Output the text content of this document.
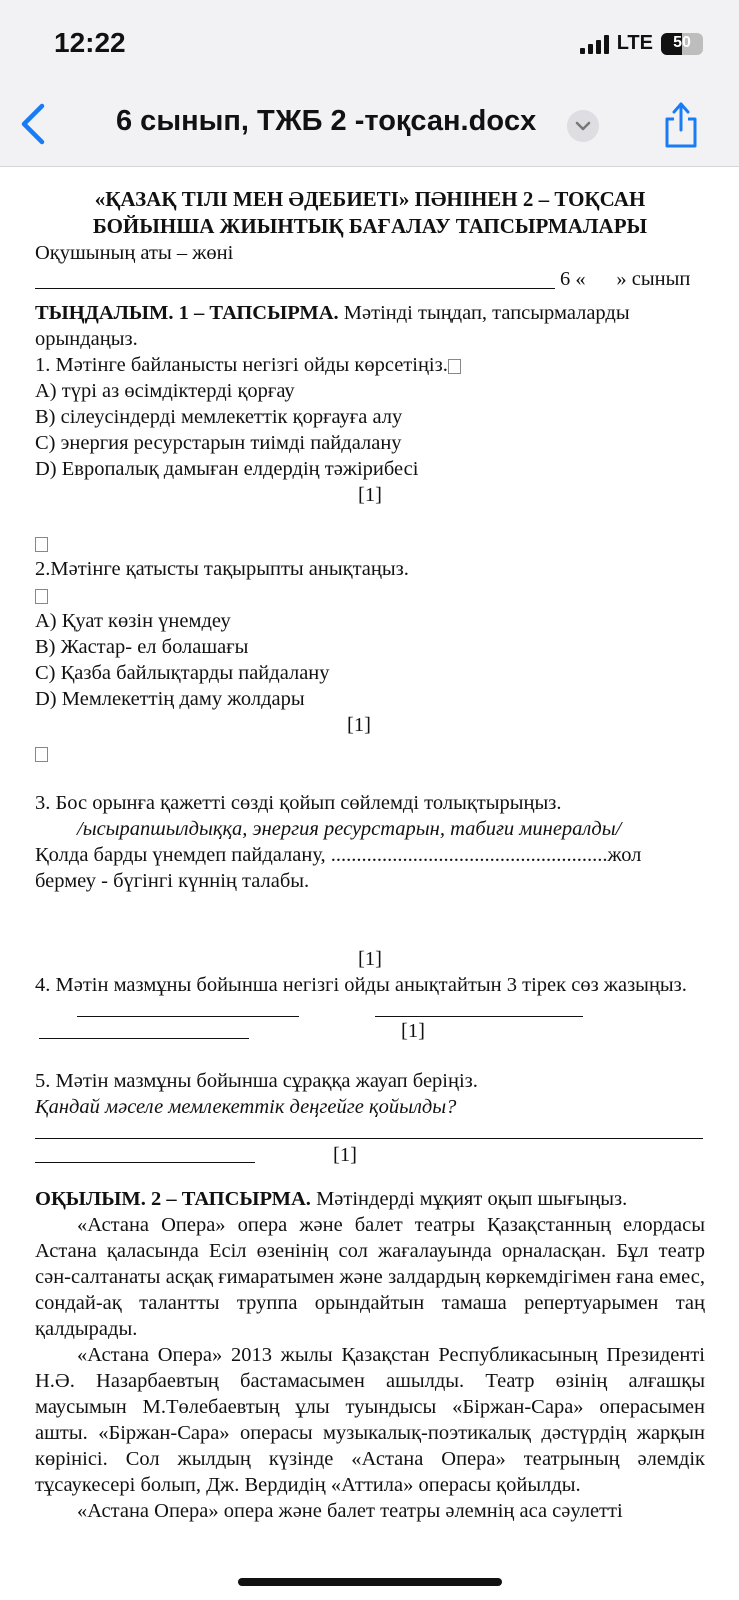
12:22	LTE	50
6 сынып, ТЖБ 2 -тоқсан.docx

«ҚАЗАҚ ТІЛІ МЕН ӘДЕБИЕТІ» ПӘНІНЕН 2 – ТОҚСАН

БОЙЫНША ЖИЫНТЫҚ БАҒАЛАУ ТАПСЫРМАЛАРЫ

Оқушының аты – жөні

6 «      » сынып

ТЫҢДАЛЫМ. 1 – ТАПСЫРМА. Мәтінді тыңдап, тапсырмаларды орындаңыз.

1. Мәтінге байланысты негізгі ойды көрсетіңіз.

A) түрі аз өсімдіктерді қорғау

B) сілеусіндерді мемлекеттік қорғауға алу

C) энергия ресурстарын тиімді пайдалану

D) Европалық дамыған елдердің тәжірибесі

[1]

2.Мәтінге қатысты тақырыпты анықтаңыз.

A) Қуат көзін үнемдеу

B) Жастар- ел болашағы

C) Қазба байлықтарды пайдалану

D) Мемлекеттің даму жолдары

[1]

3. Бос орынға қажетті сөзді қойып сөйлемді толықтырыңыз.

/ысырапшылдыққа, энергия ресурстарын, табиғи минералды/

Қолда барды үнемдеп пайдалану, ......................................................жол

бермеу - бүгінгі күннің талабы.

[1]

4. Мәтін мазмұны бойынша негізгі ойды анықтайтын 3 тірек сөз жазыңыз.

[1]

5. Мәтін мазмұны бойынша сұраққа жауап беріңіз.

Қандай мәселе мемлекеттік деңгейге қойылды?

[1]

ОҚЫЛЫМ. 2 – ТАПСЫРМА. Мәтіндерді мұқият оқып шығыңыз.

«Астана Опера» опера және балет театры Қазақстанның елордасы Астана қаласында Есіл өзенінің сол жағалауында орналасқан. Бұл театр сән-салтанаты асқақ ғимаратымен және залдардың көркемдігімен ғана емес, сондай-ақ талантты труппа орындайтын тамаша репертуарымен таң қалдырады.

«Астана Опера» 2013 жылы Қазақстан Республикасының Президенті Н.Ә. Назарбаевтың бастамасымен ашылды. Театр өзінің алғашқы маусымын М.Төлебаевтың ұлы туындысы «Біржан-Сара» операсымен ашты. «Біржан-Сара» операсы музыкалық-поэтикалық дәстүрдің жарқын көрінісі. Сол жылдың күзінде «Астана Опера» театрының әлемдік тұсаукесері болып, Дж. Вердидің «Аттила» операсы қойылды.

«Астана Опера» опера және балет театры әлемнің аса сәулетті
